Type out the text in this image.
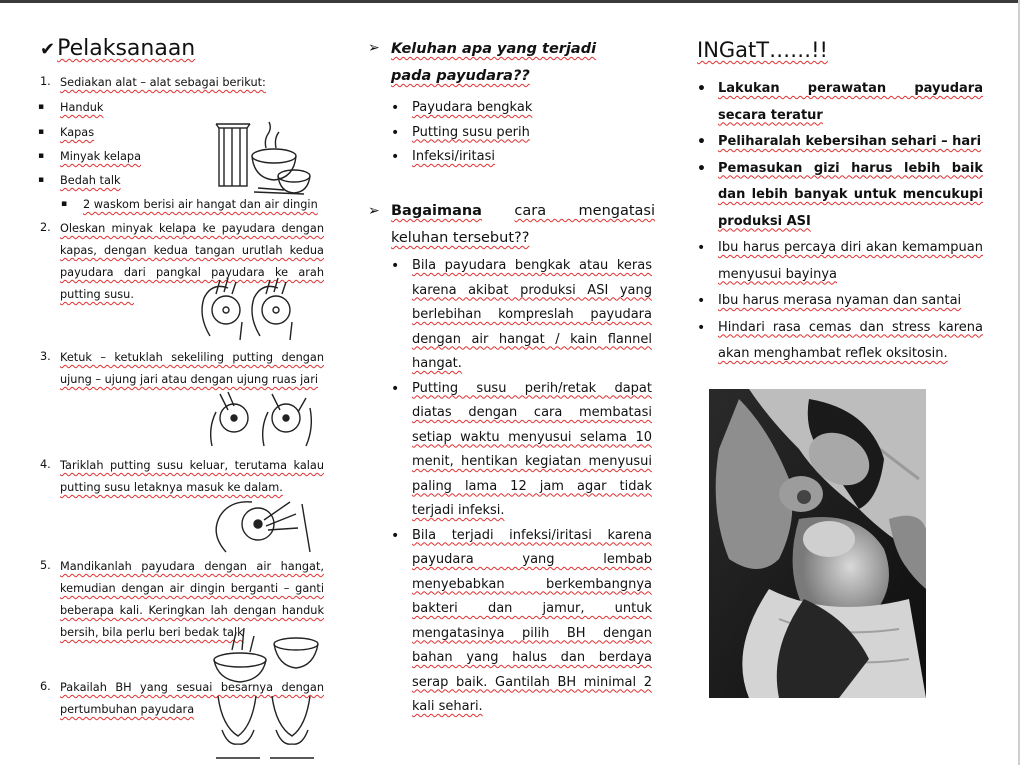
✔Pelaksanaan
1. Sediakan alat – alat sebagai berikut:
▪ Handuk
▪ Kapas
▪ Minyak kelapa
▪ Bedah talk
▪ 2 waskom berisi air hangat dan air dingin
▪
2. Oleskan minyak kelapa ke payudara dengan kapas, dengan kedua tangan urutlah kedua payudara dari pangkal payudara ke arah putting susu.
3. Ketuk – ketuklah sekeliling putting dengan ujung – ujung jari atau dengan ujung ruas jari
4. Tariklah putting susu keluar, terutama kalau putting susu letaknya masuk ke dalam.
5. Mandikanlah payudara dengan air hangat, kemudian dengan air dingin berganti – ganti beberapa kali. Keringkan lah dengan handuk bersih, bila perlu beri bedak talk
6. Pakailah BH yang sesuai besarnya dengan pertumbuhan payudara
➢ Keluhan apa yang terjadi
pada payudara??
• Payudara bengkak
• Putting susu perih
• Infeksi/iritasi
➢ Bagaimana cara mengatasi keluhan tersebut??
• Bila payudara bengkak atau keras karena akibat produksi ASI yang berlebihan kompreslah payudara dengan air hangat / kain flannel hangat.
• Putting susu perih/retak dapat diatas dengan cara membatasi setiap waktu menyusui selama 10 menit, hentikan kegiatan menyusui paling lama 12 jam agar tidak terjadi infeksi.
• Bila terjadi infeksi/iritasi karena payudara yang lembab menyebabkan berkembangnya bakteri dan jamur, untuk mengatasinya pilih BH dengan bahan yang halus dan berdaya serap baik. Gantilah BH minimal 2 kali sehari.
INGatT……!!
• Lakukan perawatan payudara secara teratur
• Peliharalah kebersihan sehari – hari
• Pemasukan gizi harus lebih baik dan lebih banyak untuk mencukupi produksi ASI
• Ibu harus percaya diri akan kemampuan menyusui bayinya
• Ibu harus merasa nyaman dan santai
• Hindari rasa cemas dan stress karena akan menghambat reflek oksitosin.
